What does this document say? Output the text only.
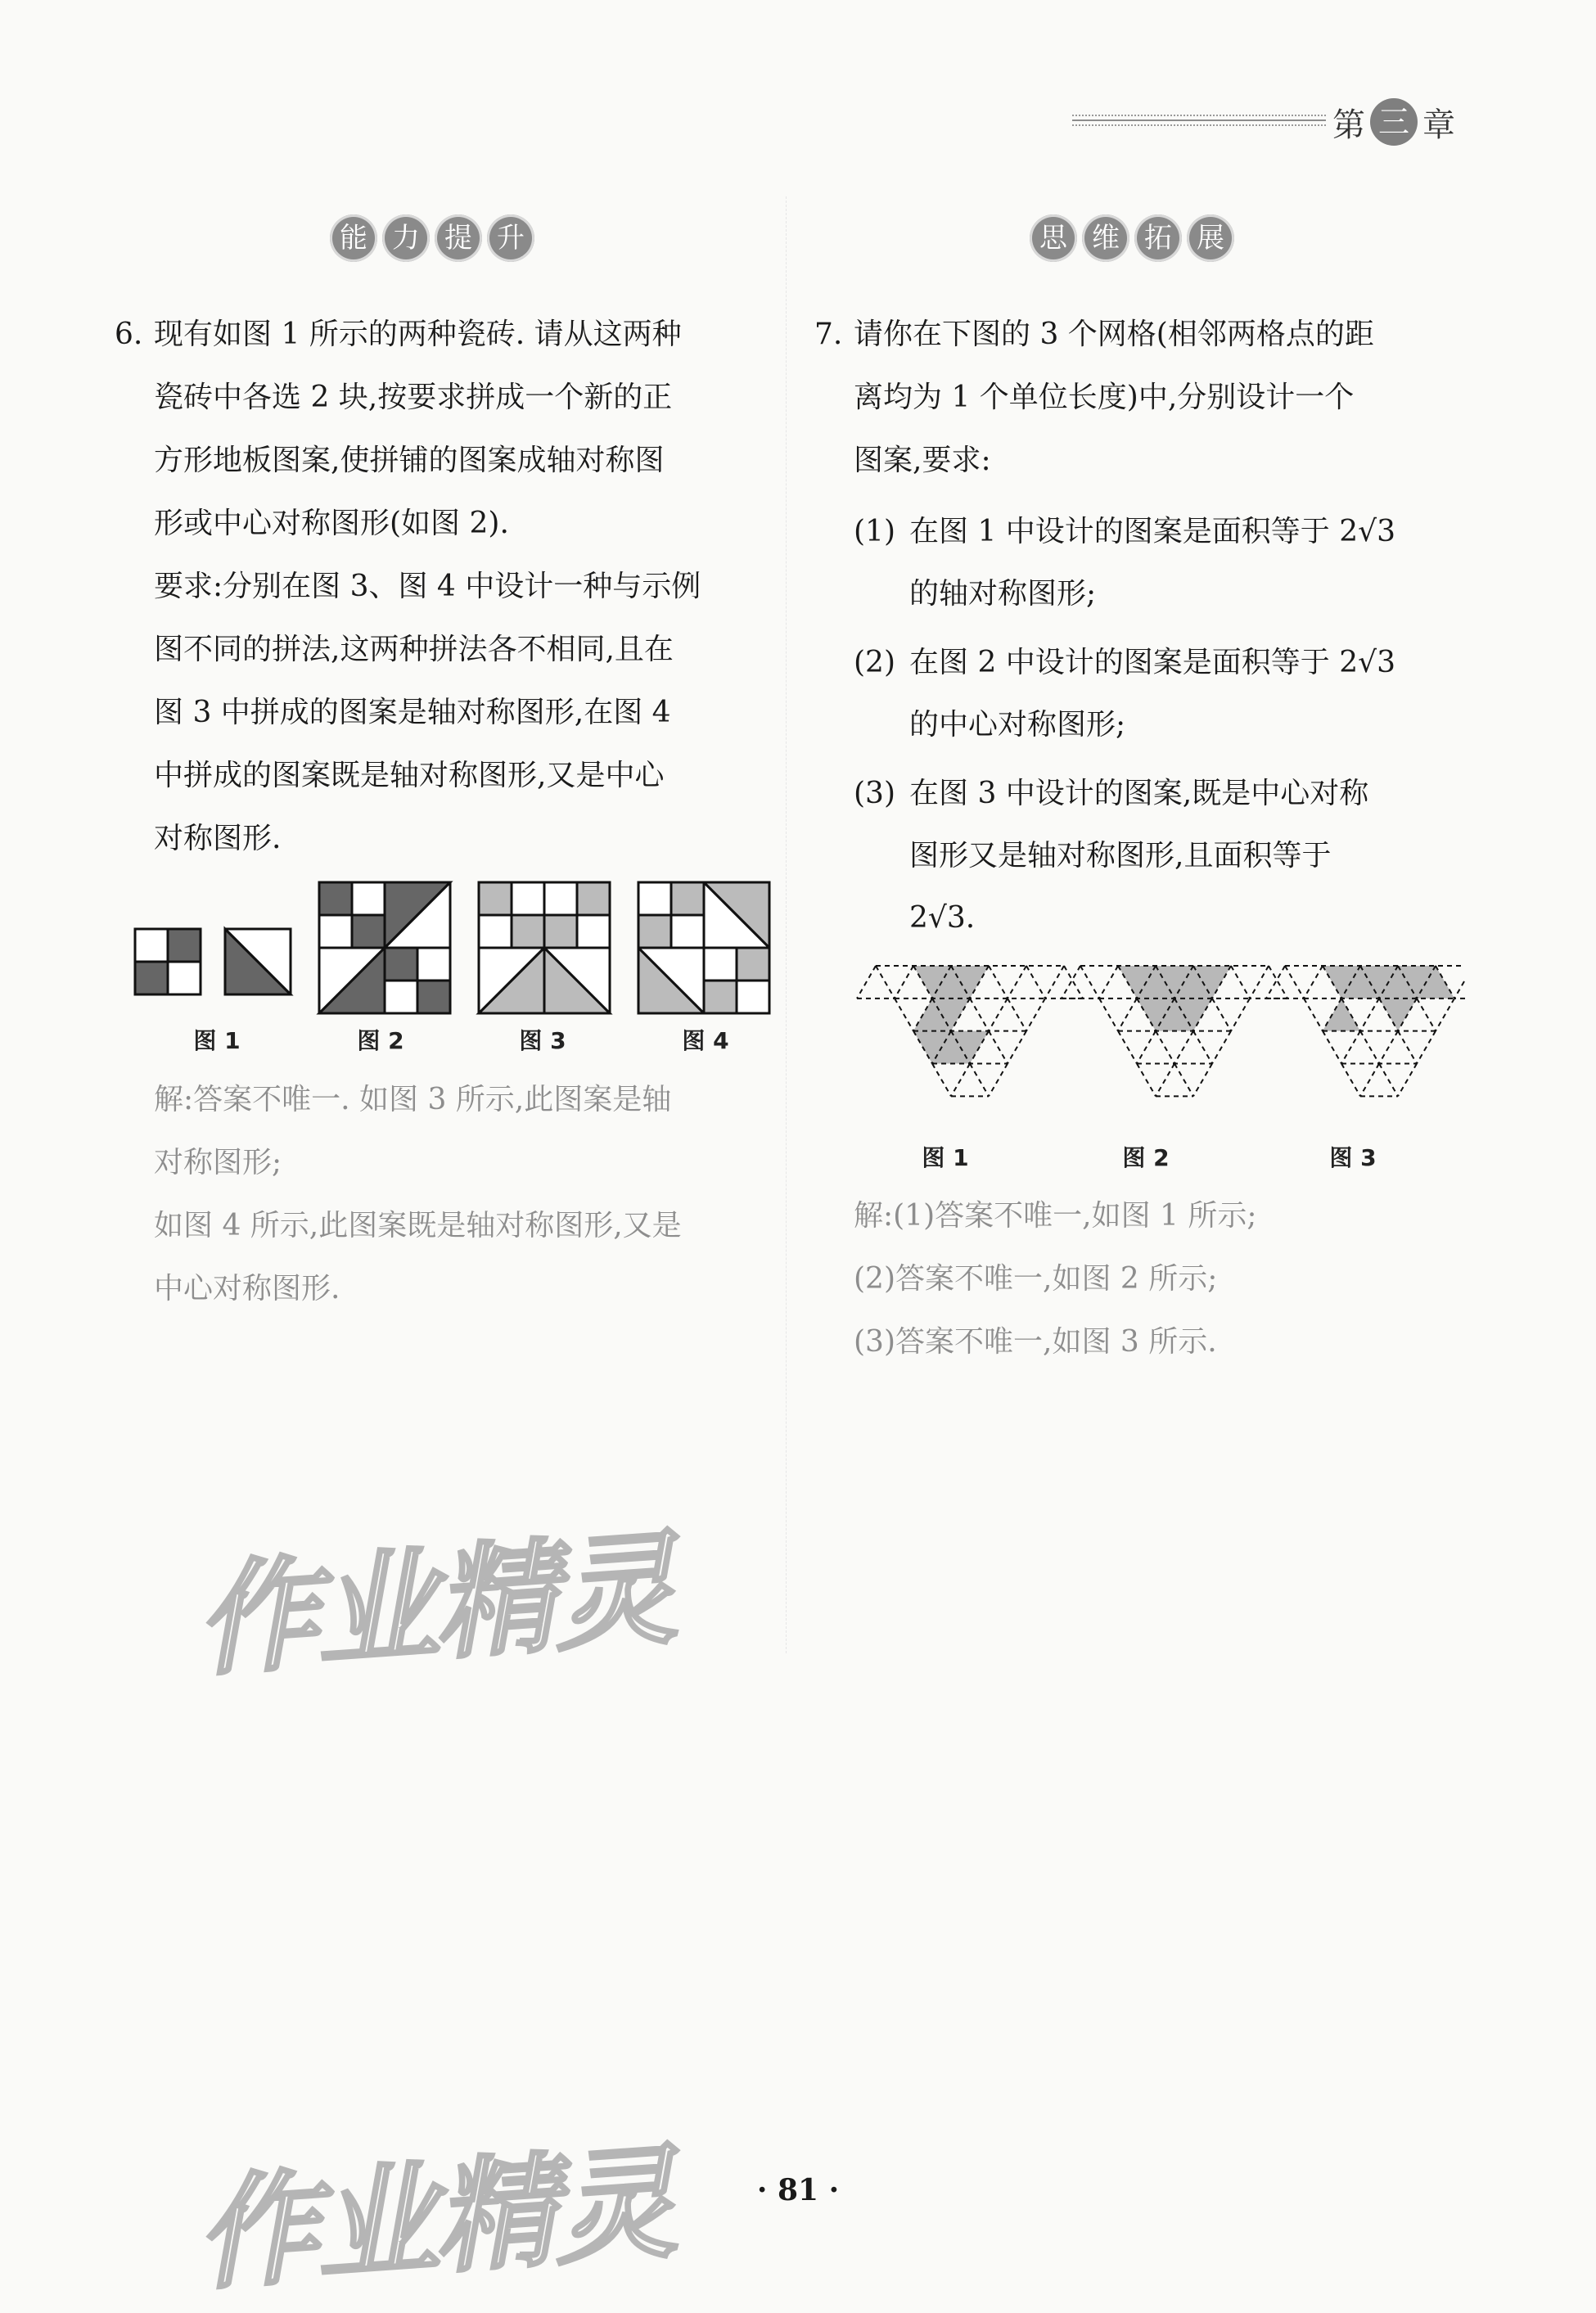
第 三 章
能 力 提 升	思 维 拓 展
6. 现有如图 1 所示的两种瓷砖. 请从这两种
瓷砖中各选 2 块,按要求拼成一个新的正
方形地板图案,使拼铺的图案成轴对称图
形或中心对称图形(如图 2).
要求:分别在图 3、图 4 中设计一种与示例
图不同的拼法,这两种拼法各不相同,且在
图 3 中拼成的图案是轴对称图形,在图 4
中拼成的图案既是轴对称图形,又是中心
对称图形.
图 1	图 2	图 3	图 4
解:答案不唯一. 如图 3 所示,此图案是轴
对称图形;
如图 4 所示,此图案既是轴对称图形,又是
中心对称图形.
7. 请你在下图的 3 个网格(相邻两格点的距
离均为 1 个单位长度)中,分别设计一个
图案,要求:
(1) 在图 1 中设计的图案是面积等于 2√3
的轴对称图形;
(2) 在图 2 中设计的图案是面积等于 2√3
的中心对称图形;
(3) 在图 3 中设计的图案,既是中心对称
图形又是轴对称图形,且面积等于
2√3.
图 1	图 2	图 3
解:(1)答案不唯一,如图 1 所示;
(2)答案不唯一,如图 2 所示;
(3)答案不唯一,如图 3 所示.
作业精灵
作业精灵	· 81 ·
